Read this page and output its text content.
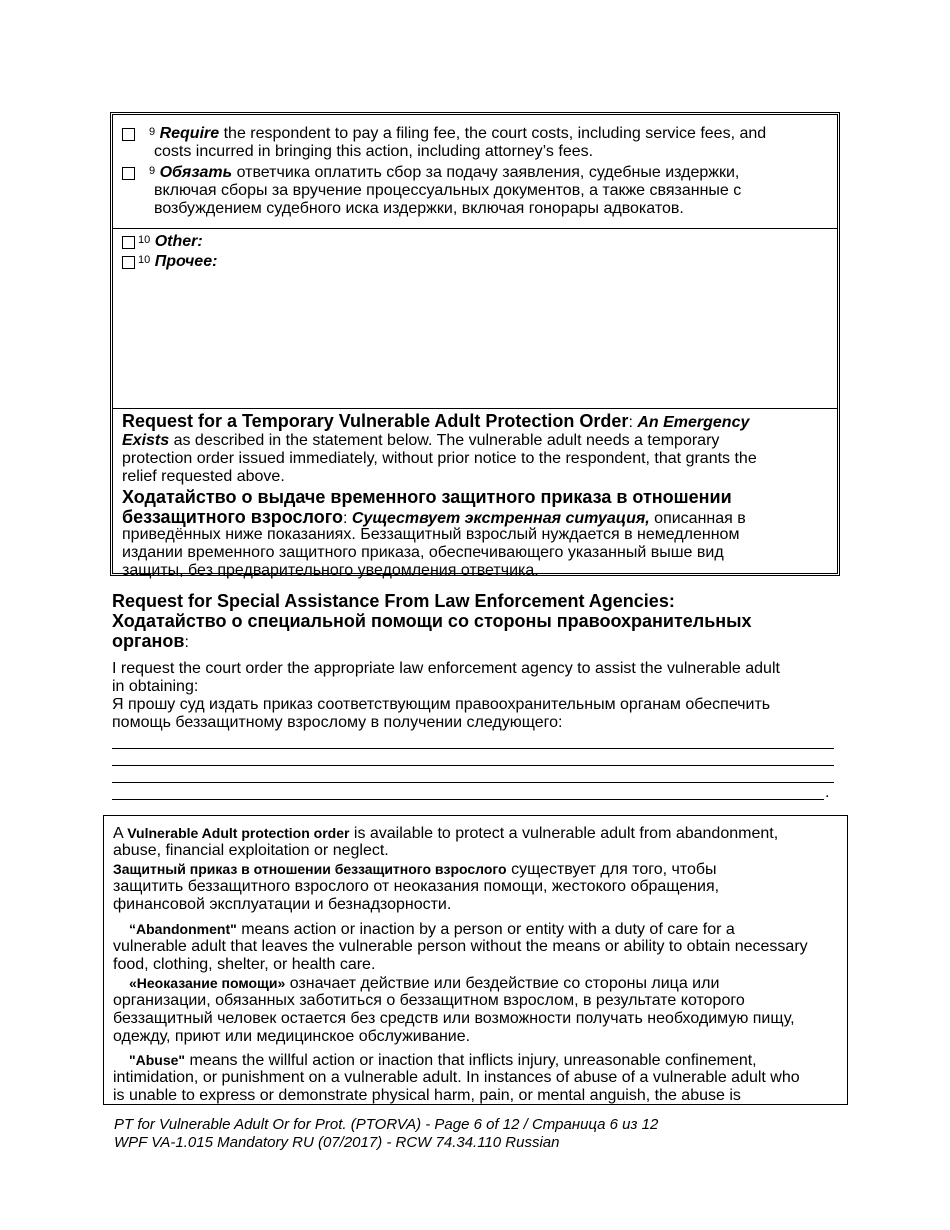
$^9$ Require the respondent to pay a filing fee, the court costs, including service fees, and
costs incurred in bringing this action, including attorney’s fees.
$^9$ Обязать ответчика оплатить сбор за подачу заявления, судебные издержки,
включая сборы за вручение процессуальных документов, а также связанные с
возбуждением судебного иска издержки, включая гонорары адвокатов.
$^{10}$ Other:
$^{10}$ Прочее:
Request for a Temporary Vulnerable Adult Protection Order: An Emergency
Exists as described in the statement below. The vulnerable adult needs a temporary
protection order issued immediately, without prior notice to the respondent, that grants the
relief requested above.
Ходатайство о выдаче временного защитного приказа в отношении
беззащитного взрослого: Существует экстренная ситуация, описанная в
приведённых ниже показаниях. Беззащитный взрослый нуждается в немедленном
издании временного защитного приказа, обеспечивающего указанный выше вид
защиты, без предварительного уведомления ответчика.
Request for Special Assistance From Law Enforcement Agencies:
Ходатайство о специальной помощи со стороны правоохранительных
органов:
I request the court order the appropriate law enforcement agency to assist the vulnerable adult
in obtaining:
Я прошу суд издать приказ соответствующим правоохранительным органам обеспечить
помощь беззащитному взрослому в получении следующего:
.
A Vulnerable Adult protection order is available to protect a vulnerable adult from abandonment,
abuse, financial exploitation or neglect.
Защитный приказ в отношении беззащитного взрослого существует для того, чтобы
защитить беззащитного взрослого от неоказания помощи, жестокого обращения,
финансовой эксплуатации и безнадзорности.
“Abandonment" means action or inaction by a person or entity with a duty of care for a
vulnerable adult that leaves the vulnerable person without the means or ability to obtain necessary
food, clothing, shelter, or health care.
«Неоказание помощи» означает действие или бездействие со стороны лица или
организации, обязанных заботиться о беззащитном взрослом, в результате которого
беззащитный человек остается без средств или возможности получать необходимую пищу,
одежду, приют или медицинское обслуживание.
"Abuse" means the willful action or inaction that inflicts injury, unreasonable confinement,
intimidation, or punishment on a vulnerable adult. In instances of abuse of a vulnerable adult who
is unable to express or demonstrate physical harm, pain, or mental anguish, the abuse is
PT for Vulnerable Adult Or for Prot. (PTORVA) - Page 6 of 12 / Страница 6 из 12
WPF VA-1.015 Mandatory RU (07/2017) - RCW 74.34.110 Russian
